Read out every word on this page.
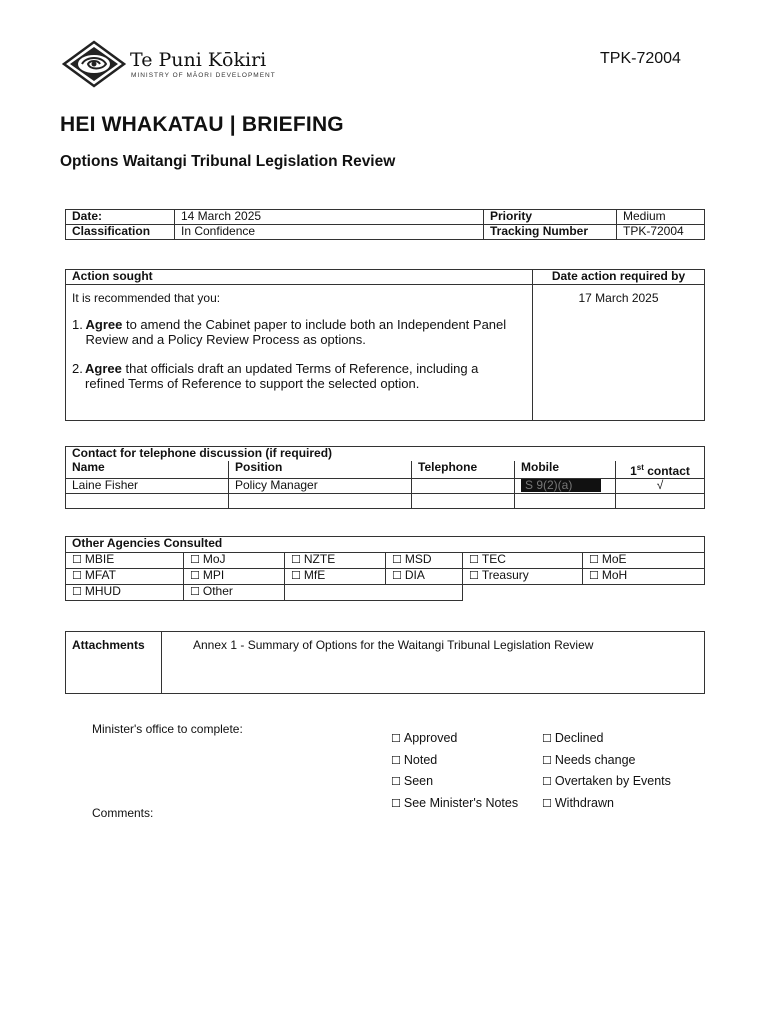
Te Puni Kōkiri
MINISTRY OF MĀORI DEVELOPMENT
TPK-72004
HEI WHAKATAU | BRIEFING
Options Waitangi Tribunal Legislation Review
Date:	14 March 2025	Priority	Medium
Classification	In Confidence	Tracking Number	TPK-72004
Action sought	Date action required by

It is recommended that you:
1. Agree to amend the Cabinet paper to include both an Independent Panel Review and a Policy Review Process as options.
2. Agree that officials draft an updated Terms of Reference, including a refined Terms of Reference to support the selected option.	17 March 2025
Contact for telephone discussion (if required)				
Name	Position	Telephone	Mobile	1st contact
Laine Fisher	Policy Manager		S 9(2)(a)	√

Other Agencies Consulted					
☐ MBIE	☐ MoJ	☐ NZTE	☐ MSD	☐ TEC	☐ MoE
☐ MFAT	☐ MPI	☐ MfE	☐ DIA	☐ Treasury	☐ MoH
☐ MHUD	☐ Other				
Attachments	Annex 1 - Summary of Options for the Waitangi Tribunal Legislation Review
Minister's office to complete:
Comments:
☐ Approved
☐ Noted
☐ Seen
☐ See Minister's Notes
☐ Declined
☐ Needs change
☐ Overtaken by Events
☐ Withdrawn
